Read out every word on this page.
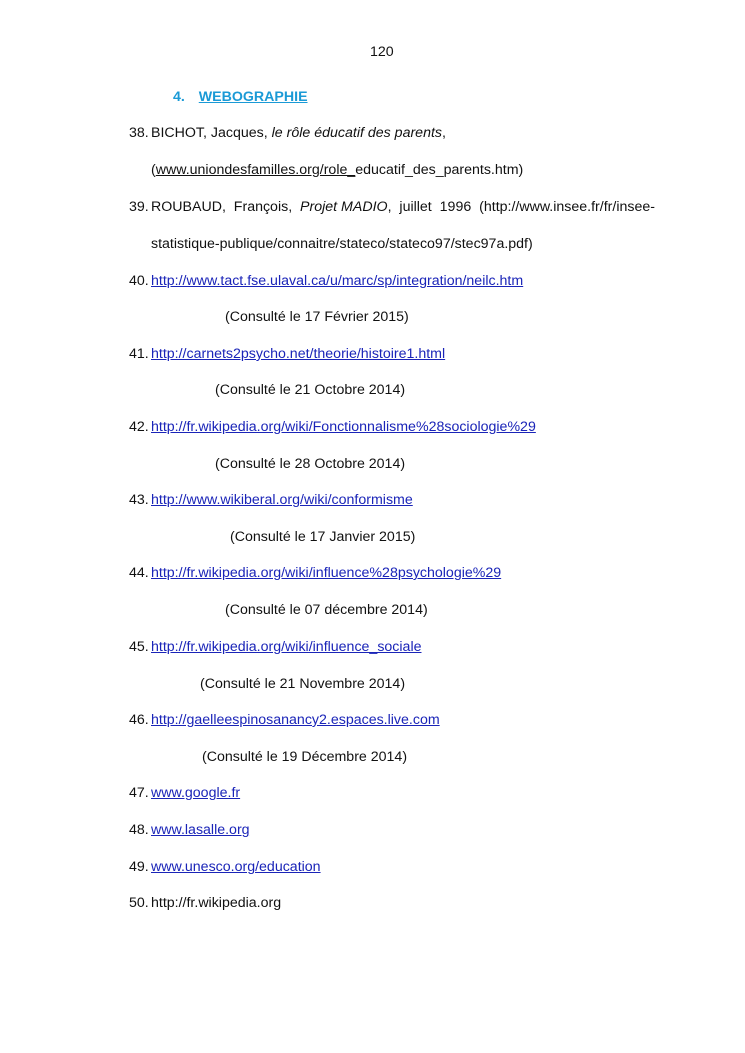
120
4. WEBOGRAPHIE
38. BICHOT, Jacques, le rôle éducatif des parents,
(www.uniondesfamilles.org/role_educatif_des_parents.htm)
39. ROUBAUD, François, Projet MADIO, juillet 1996 (http://www.insee.fr/fr/insee-
statistique-publique/connaitre/stateco/stateco97/stec97a.pdf)
40. http://www.tact.fse.ulaval.ca/u/marc/sp/integration/neilc.htm
(Consulté le 17 Février 2015)
41. http://carnets2psycho.net/theorie/histoire1.html
(Consulté le 21 Octobre 2014)
42. http://fr.wikipedia.org/wiki/Fonctionnalisme%28sociologie%29
(Consulté le 28 Octobre 2014)
43. http://www.wikiberal.org/wiki/conformisme
(Consulté le 17 Janvier 2015)
44. http://fr.wikipedia.org/wiki/influence%28psychologie%29
(Consulté le 07 décembre 2014)
45. http://fr.wikipedia.org/wiki/influence_sociale
(Consulté le 21 Novembre 2014)
46. http://gaelleespinosanancy2.espaces.live.com
(Consulté le 19 Décembre 2014)
47. www.google.fr
48. www.lasalle.org
49. www.unesco.org/education
50. http://fr.wikipedia.org
